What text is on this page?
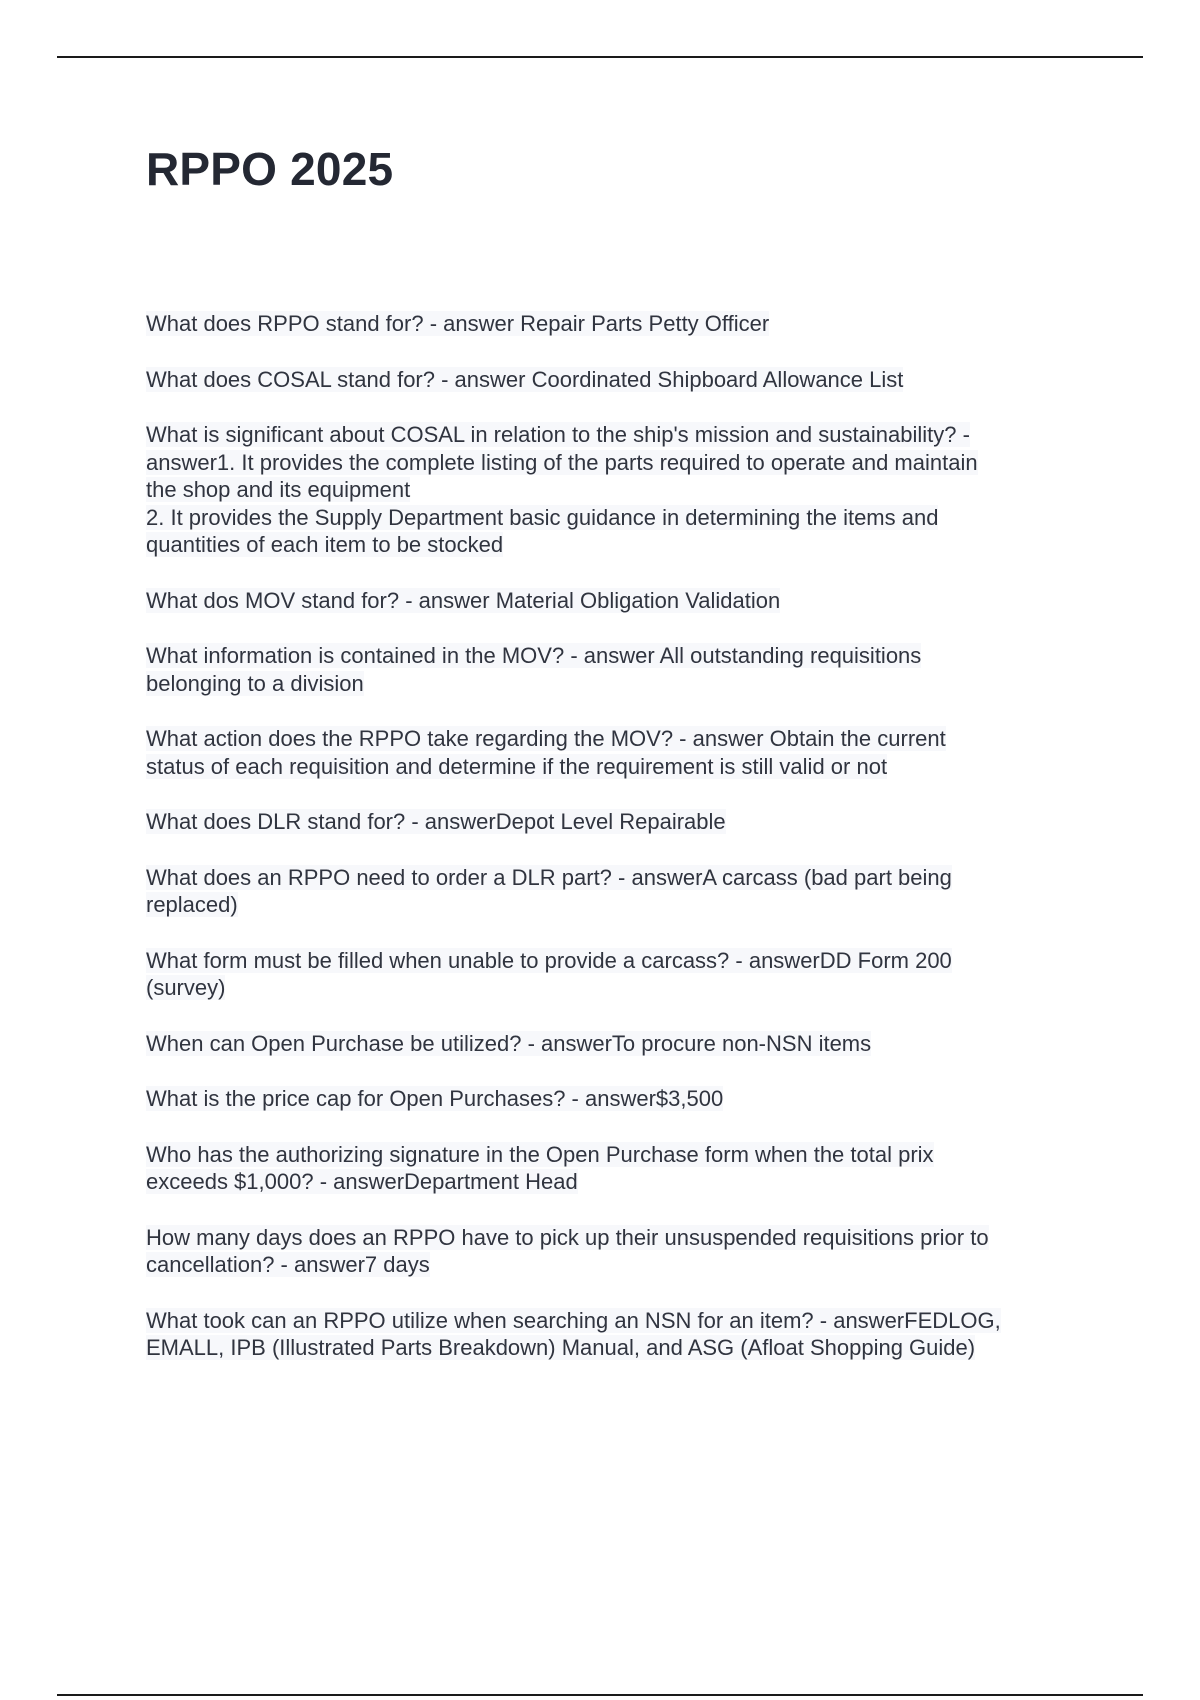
RPPO 2025
What does RPPO stand for? - answer Repair Parts Petty Officer
What does COSAL stand for? - answer Coordinated Shipboard Allowance List
What is significant about COSAL in relation to the ship's mission and sustainability? -
answer1. It provides the complete listing of the parts required to operate and maintain
the shop and its equipment
2. It provides the Supply Department basic guidance in determining the items and
quantities of each item to be stocked
What dos MOV stand for? - answer Material Obligation Validation
What information is contained in the MOV? - answer All outstanding requisitions
belonging to a division
What action does the RPPO take regarding the MOV? - answer Obtain the current
status of each requisition and determine if the requirement is still valid or not
What does DLR stand for? - answerDepot Level Repairable
What does an RPPO need to order a DLR part? - answerA carcass (bad part being
replaced)
What form must be filled when unable to provide a carcass? - answerDD Form 200
(survey)
When can Open Purchase be utilized? - answerTo procure non-NSN items
What is the price cap for Open Purchases? - answer$3,500
Who has the authorizing signature in the Open Purchase form when the total prix
exceeds $1,000? - answerDepartment Head
How many days does an RPPO have to pick up their unsuspended requisitions prior to
cancellation? - answer7 days
What took can an RPPO utilize when searching an NSN for an item? - answerFEDLOG,
EMALL, IPB (Illustrated Parts Breakdown) Manual, and ASG (Afloat Shopping Guide)
